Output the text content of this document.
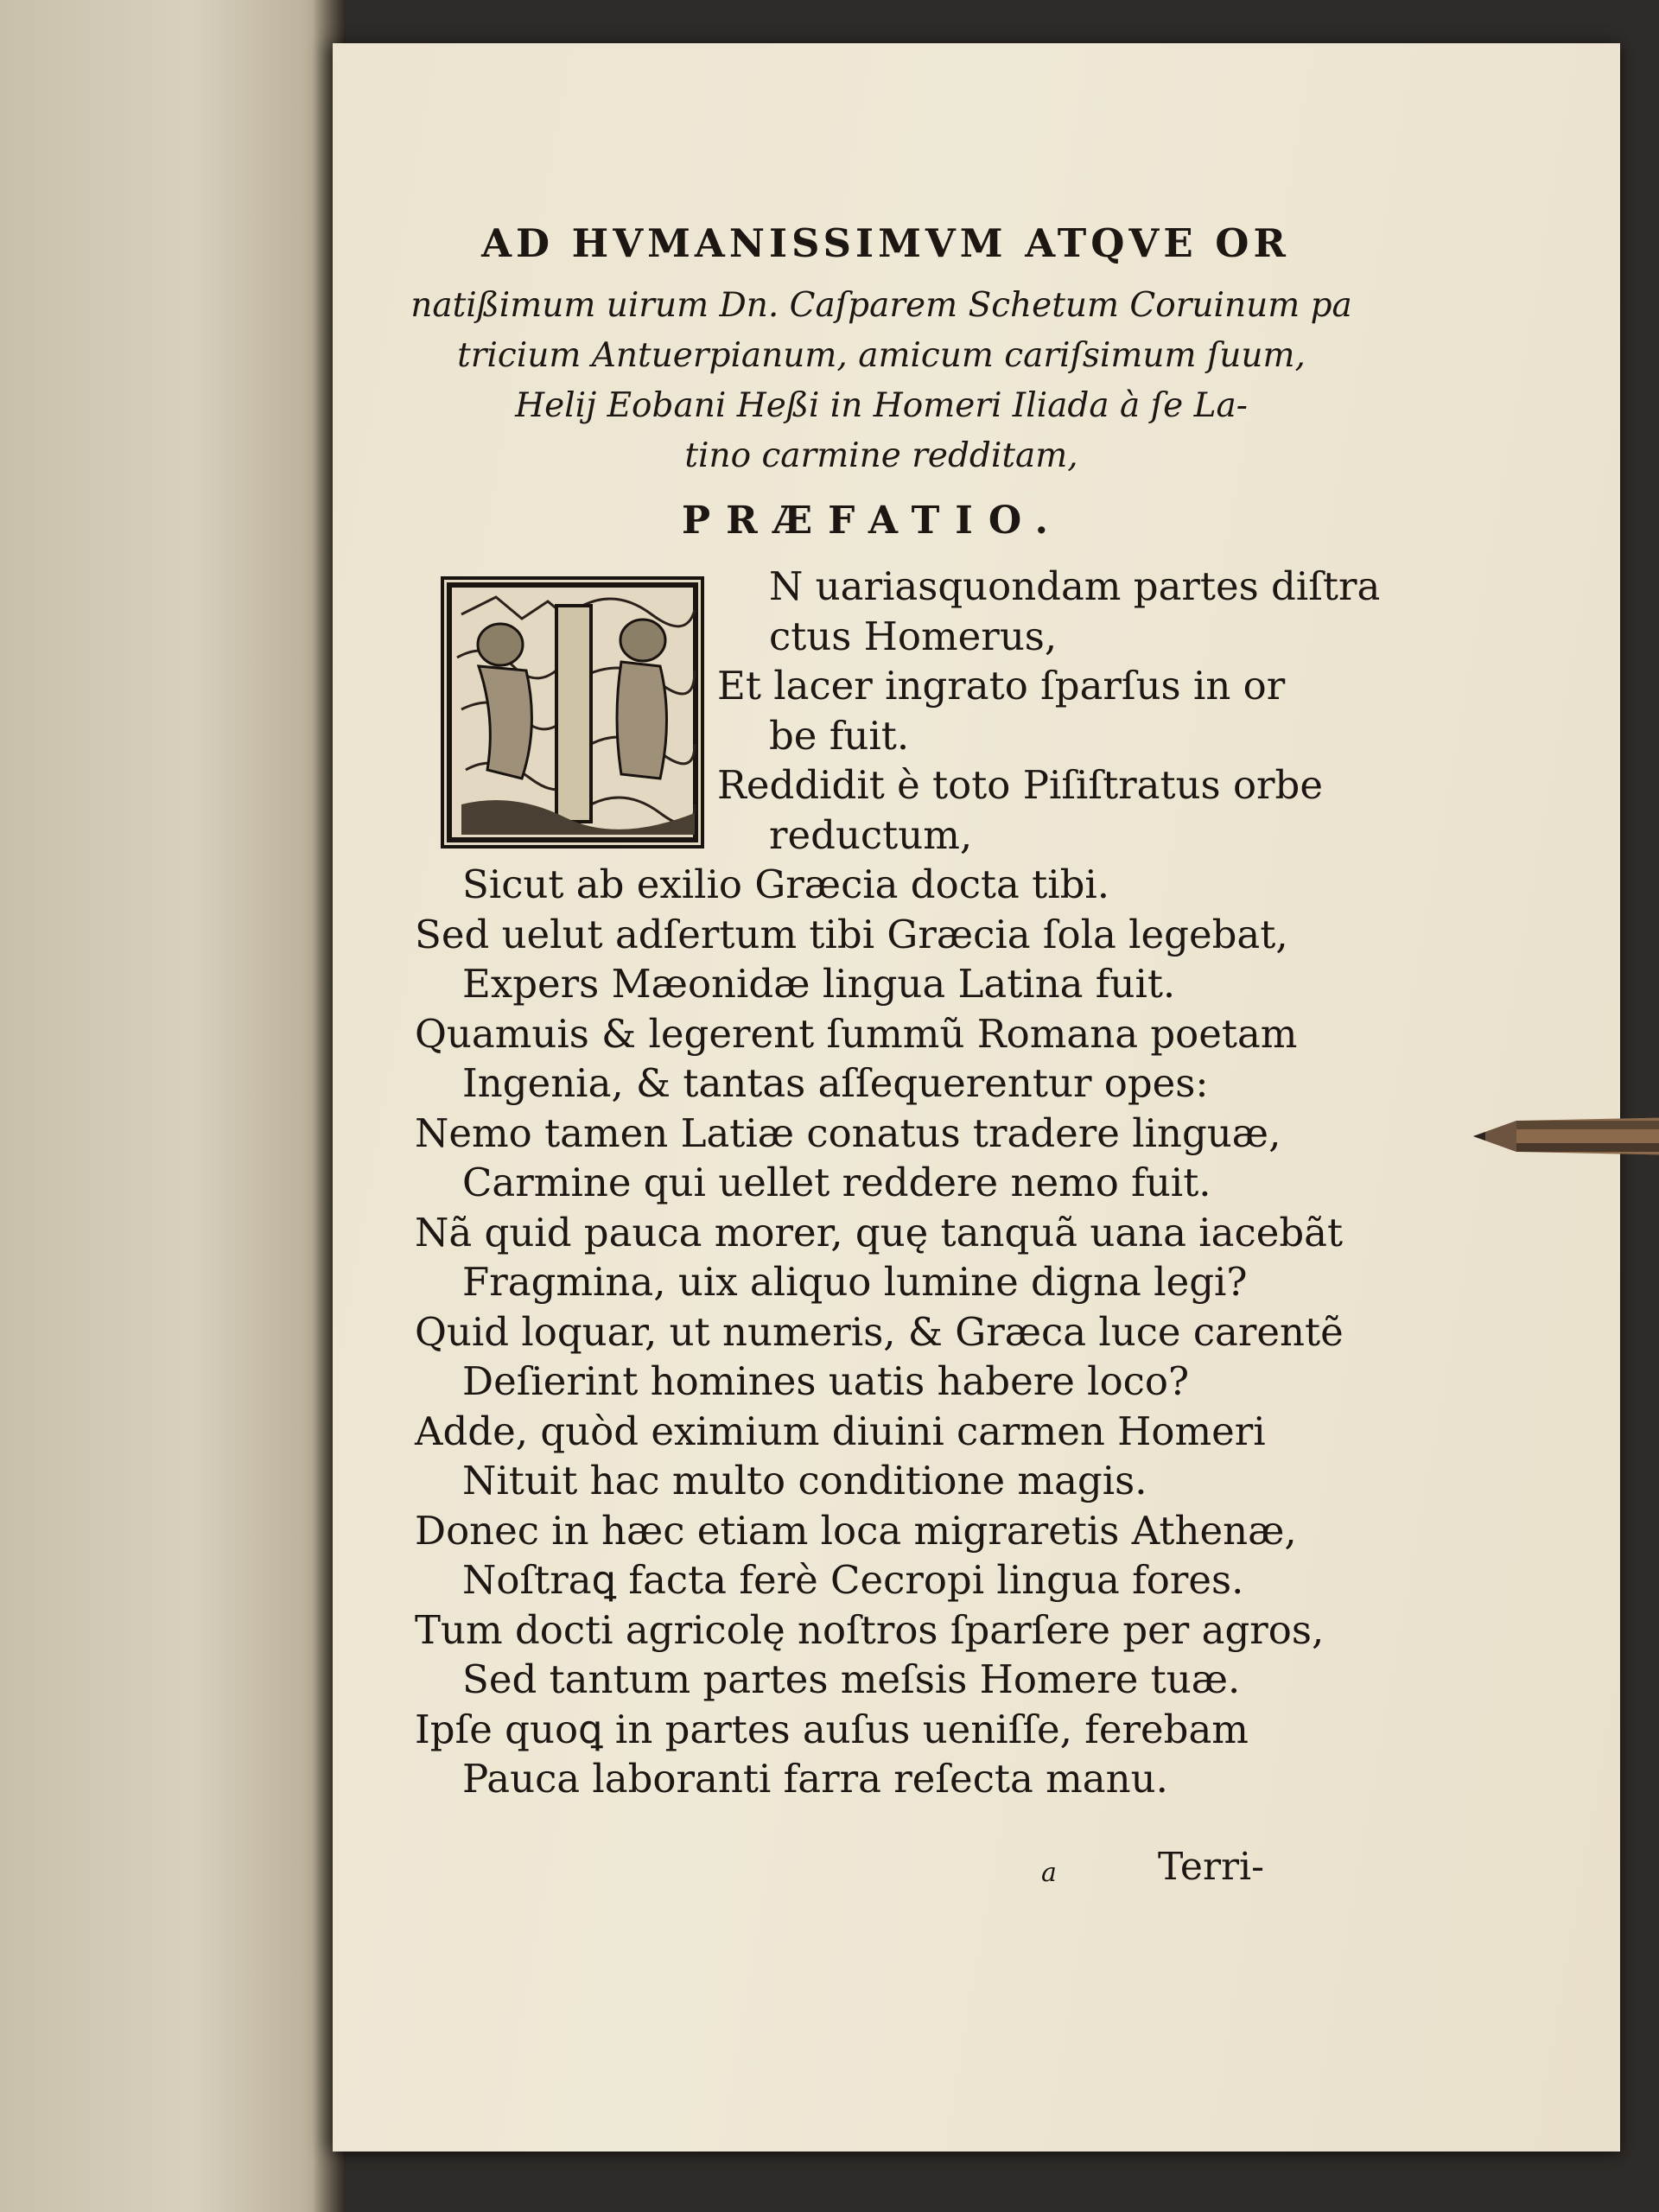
AD HVMANISSIMVM ATQVE OR
natißimum uirum Dn. Caſparem Schetum Coruinum pa
tricium Antuerpianum, amicum cariſsimum ſuum,
Helij Eobani Heßi in Homeri Iliada à ſe La-
tino carmine redditam,
PRÆFATIO.
N uariasquondam partes diſtra
ctus Homerus,
Et lacer ingrato ſparſus in or
be fuit.
Reddidit è toto Piſiſtratus orbe
reductum,
Sicut ab exilio Græcia docta tibi.
Sed uelut adſertum tibi Græcia ſola legebat,
Expers Mæonidæ lingua Latina fuit.
Quamuis & legerent ſummũ Romana poetam
Ingenia, & tantas aſſequerentur opes:
Nemo tamen Latiæ conatus tradere linguæ,
Carmine qui uellet reddere nemo fuit.
Nã quid pauca morer, quę tanquã uana iacebãt
Fragmina, uix aliquo lumine digna legi?
Quid loquar, ut numeris, & Græca luce carentẽ
Deſierint homines uatis habere loco?
Adde, quòd eximium diuini carmen Homeri
Nituit hac multo conditione magis.
Donec in hæc etiam loca migraretis Athenæ,
Noſtraꝗ facta ferè Cecropi lingua fores.
Tum docti agricolę noſtros ſparſere per agros,
Sed tantum partes meſsis Homere tuæ.
Ipſe quoꝗ in partes auſus ueniſſe, ferebam
Pauca laboranti farra reſecta manu.
a	Terri-
